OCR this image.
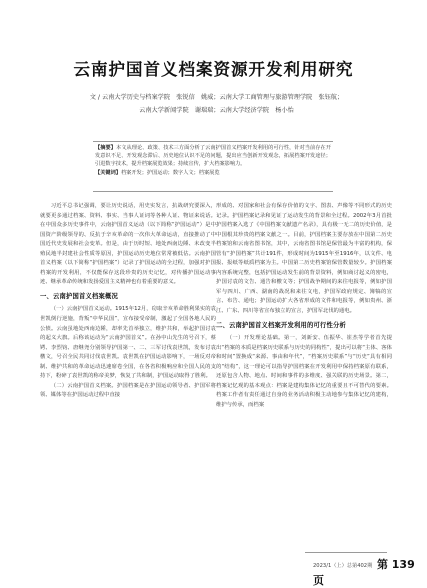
云南护国首义档案资源开发利用研究
文 / 云南大学历史与档案学院　张锐信　姚威；云南大学工商管理与旅游管理学院　张钰航；
云南大学新闻学院　谢瑞瑞；云南大学经济学院　杨小怡
【摘要】本文从理论、政策、技术三方面分析了云南护国首义档案开发利用的可行性，针对当前存在开发意识不足、开发观念滞后、历史地位认识不足的问题，提出应当创新开发观念，拓展档案开发途径；引进数字技术，提升档案展览效果；持续宣传，扩大档案影响力。
【关键词】档案开发；护国运动；数字人文；档案展览

习近平总书记强调，要让历史说话，用史实发言，抗战研究要深入，就要更多通过档案、资料、事实、当事人证词等各种人证、物证来说话。在中国众多历史事件中，云南护国首义运动（以下简称“护国运动”）是中国资产阶级领导的、反抗于辛亥革命的一次伟大革命运动，直接推动了中国近代史发展和社会变革。但是，由于历时短、地处西南边陲、未改变半殖民地半封建社会性质等原因，护国运动历史地位常常被低估。云南护国首义档案（以下简称“护国档案”）记录了护国运动的全过程，加强对护国档案的开发利用，不仅能保存这段珍贵的历史记忆，对传播护国运动事迹、继承革命传统和发扬爱国主义精神也有着重要的意义。

一、云南护国首义档案概况

（一）云南护国首义运动。1915年12月，窃取辛亥革命胜利果实的袁世凯倒行逆施，背叛“中华民国”，宣布接受帝制，激起了全国各地人民的公愤。云南虽地处西南边陲，却率先首举独立，维护共和，举起护国讨袁的起义大旗。后称该运动为“云南护国首义”。在孙中山先生的号召下，蔡锷、李烈钧、唐继尧分别领导护国第一、二、三军讨伐袁世凯，发布讨袁檄文，号召全民共同讨伐袁世凯。袁世凯在护国运动影响下，一场反对帝制、维护共和的革命运动迅速席卷全国，在各省积极响应和全国人民的支持下，粉碎了袁世凯的称帝美梦，恢复了共和制，护国运动取得了胜利。

（二）云南护国首义档案。护国档案是在护国运动领导者、护国军将领、媒体等在护国运动过程中直接

形成的、对国家和社会有保存价值的文字、图表、声像等不同形式的历史记录。护国档案记录和见证了运动发生的背景和全过程。2002年3月首批护国档案入选了《中国档案文献遗产名录》，具有极一无二的历史价值，是中国根其珍贵的档案文献之一。目前，护国档案主要存放在中国第二历史档案馆和云南省图书馆，其中，云南省图书馆是保管最为丰富的机构，保管有“护国档案”共计191件，形成时间为1915年至1916年，以文件、电报、报纸等纸质档案为主。中国第二历史档案馆保管数量较少。护国档案内容系统完整，包括护国运动发生前的背景资料，例如商讨起义的密电，护国讨袁的文告、通告和檄文等；护国战争期间的来往电报等，例如护国军与四川、广西、湖南的战况和来往文电，护国军政府规定、簿犒的宣言、布告、通电；护国运动扩大各省形成的文件和电报等，例如贵州、浙江、广东、四川等省宣布独立的宣言，护国军北伐的通电。

二、云南护国首义档案开发利用的可行性分析

（一）开发理论基础。第一，刘新安、伍振华、崔杰等学者首先提出“档案的本质是档案历史联系与历史的同构性”，提出可以将“主体、客体和时间”置换成“来源、事由和年代”，“档案历史联系”与“历史”具有相同的“结构”，这一理论可以指导护国档案在开发利用中保持档案原有联系，还原包含人物、地点、时间和事件的多维度、强关联的历史场景。第二，档案记忆观的基本观点：档案是建构集体记忆的重要且不可替代的要素。档案工作者有责任通过自身的业务活动积极主动地参与集体记忆的建构，维护与传承，而档案

2023/1（上）总第402期 第 139 页
